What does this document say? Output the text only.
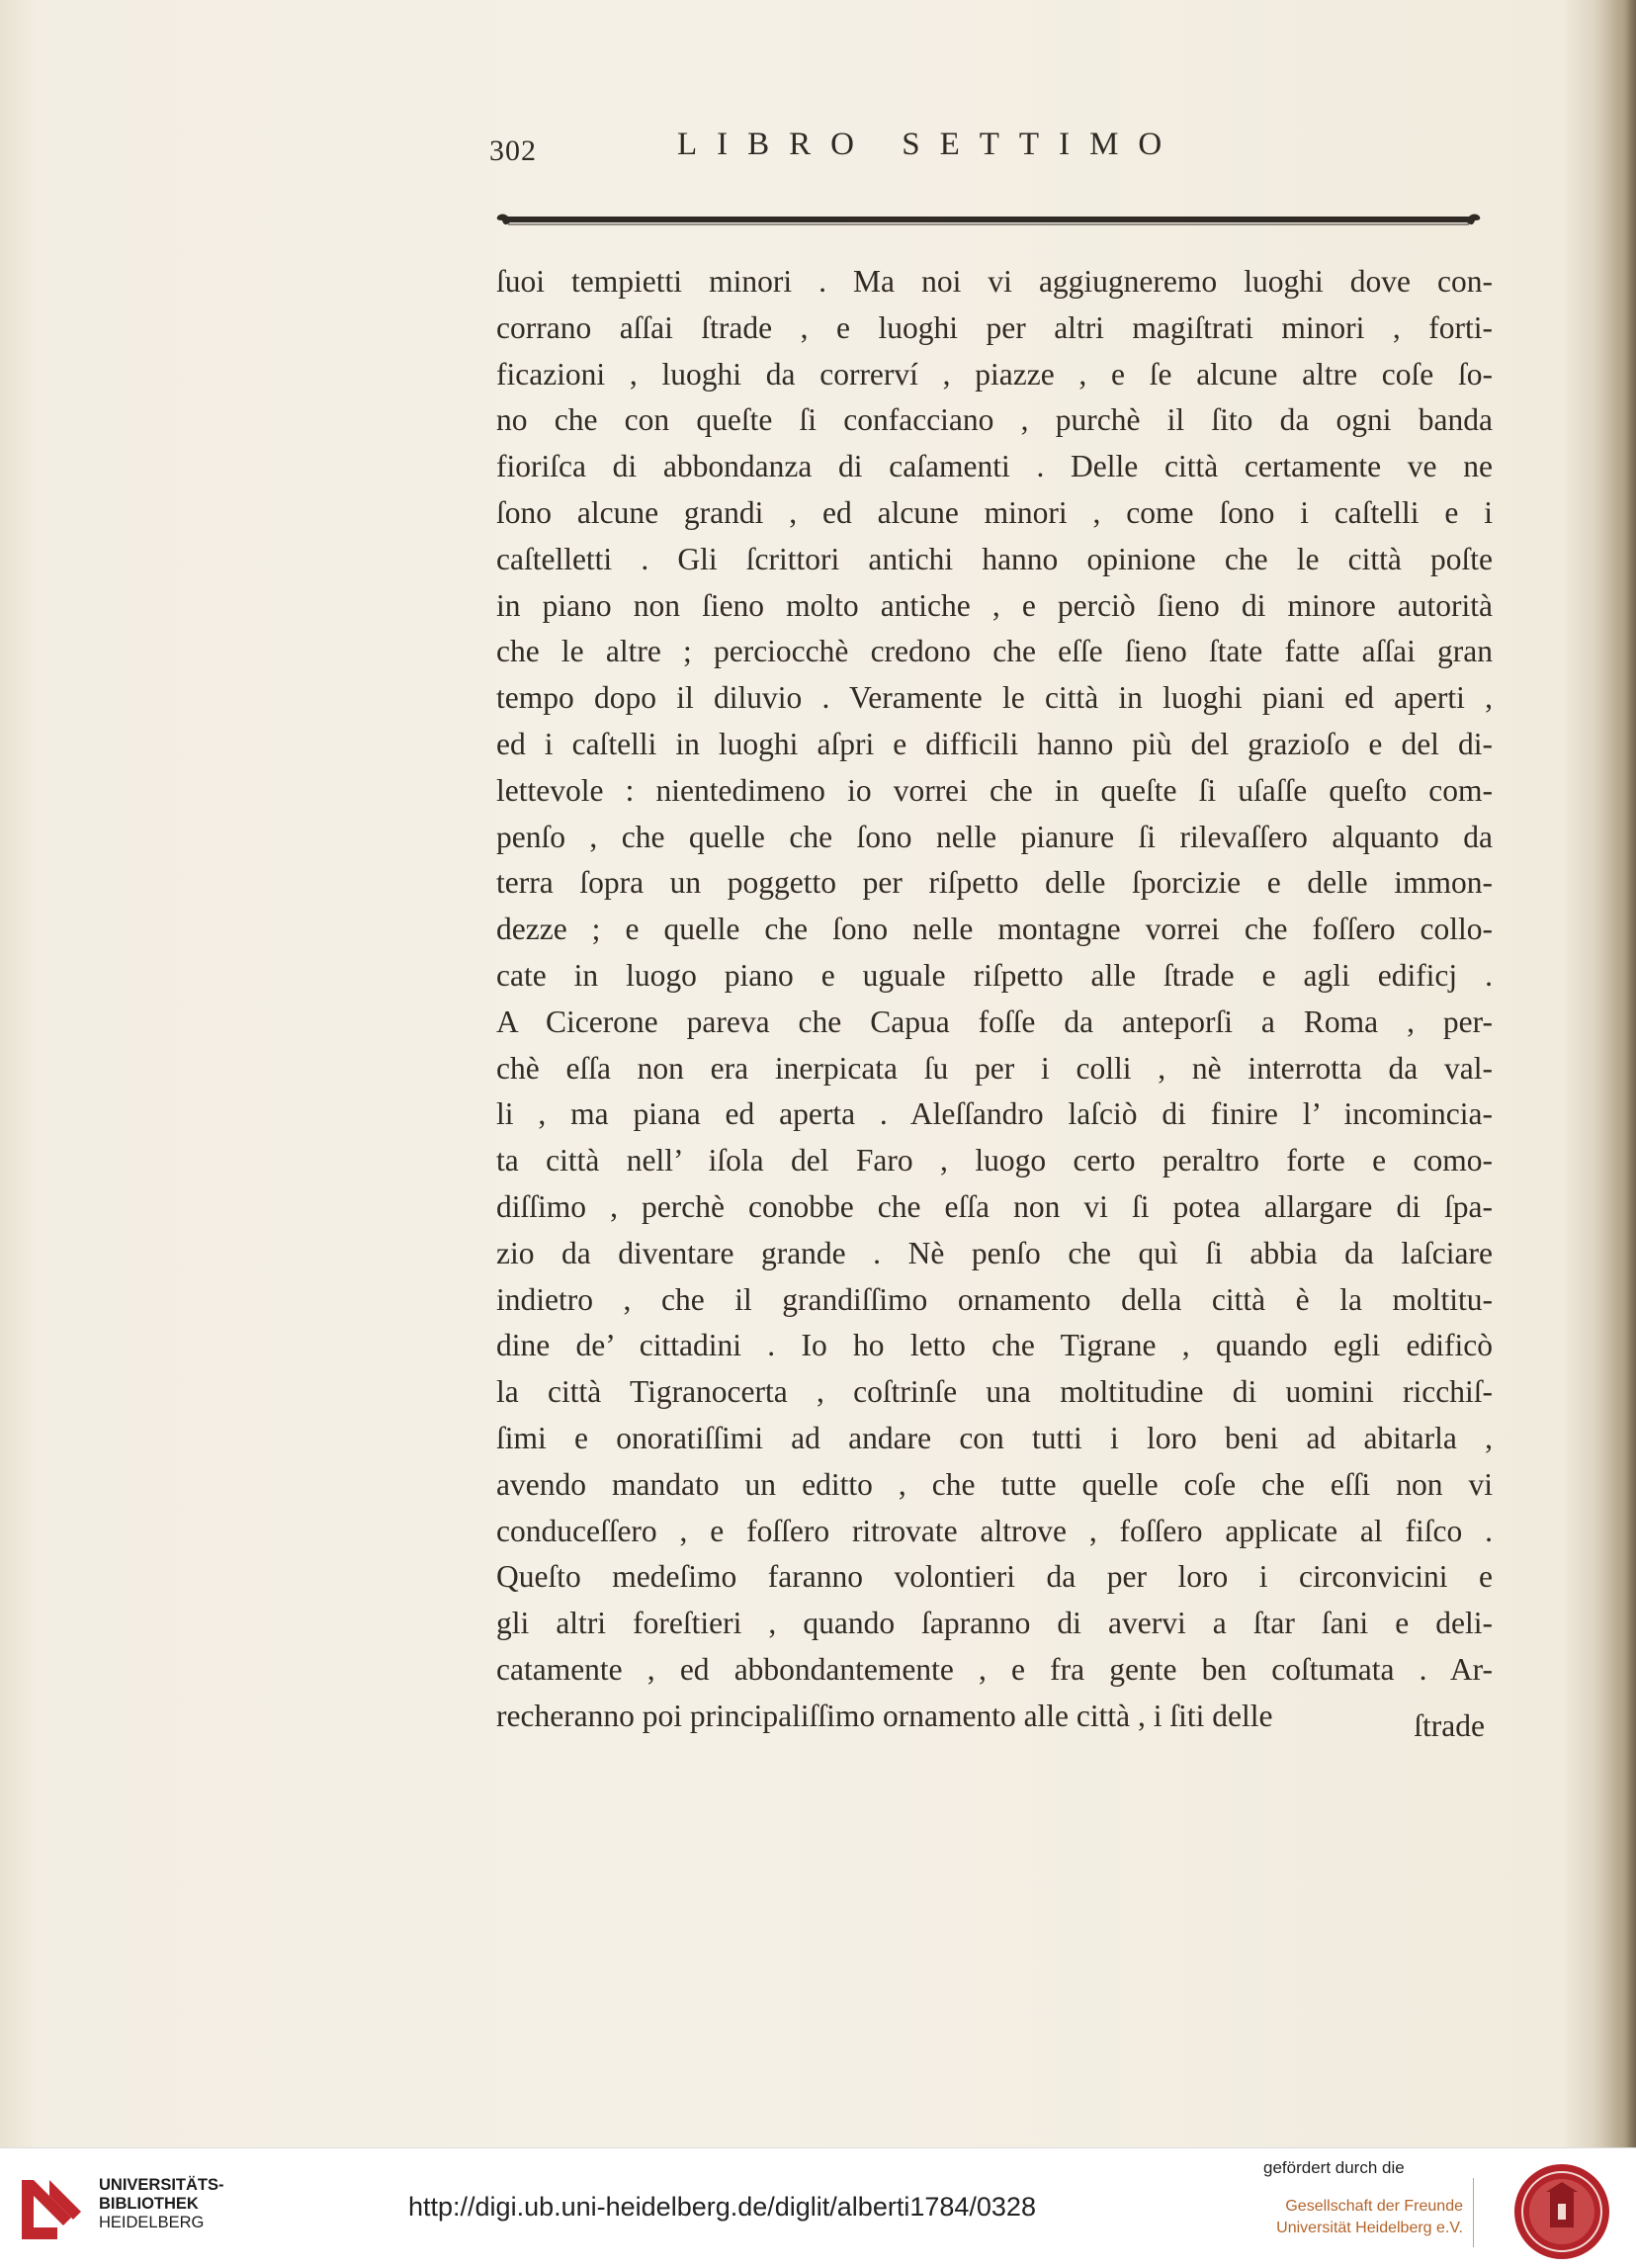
302	LIBRO SETTIMO
ſuoi tempietti minori . Ma noi vi aggiugneremo luoghi dove con-
corrano aſſai ſtrade , e luoghi per altri magiſtrati minori , forti-
ficazioni , luoghi da correrví , piazze , e ſe alcune altre coſe ſo-
no che con queſte ſi confacciano , purchè il ſito da ogni banda
fioriſca di abbondanza di caſamenti . Delle città certamente ve ne
ſono alcune grandi , ed alcune minori , come ſono i caſtelli e i
caſtelletti . Gli ſcrittori antichi hanno opinione che le città poſte
in piano non ſieno molto antiche , e perciò ſieno di minore autorità
che le altre ; perciocchè credono che eſſe ſieno ſtate fatte aſſai gran
tempo dopo il diluvio . Veramente le città in luoghi piani ed aperti ,
ed i caſtelli in luoghi aſpri e difficili hanno più del grazioſo e del di-
lettevole : nientedimeno io vorrei che in queſte ſi uſaſſe queſto com-
penſo , che quelle che ſono nelle pianure ſi rilevaſſero alquanto da
terra ſopra un poggetto per riſpetto delle ſporcizie e delle immon-
dezze ; e quelle che ſono nelle montagne vorrei che foſſero collo-
cate in luogo piano e uguale riſpetto alle ſtrade e agli edificj .
A Cicerone pareva che Capua foſſe da anteporſi a Roma , per-
chè eſſa non era inerpicata ſu per i colli , nè interrotta da val-
li , ma piana ed aperta . Aleſſandro laſciò di finire l’ incomincia-
ta città nell’ iſola del Faro , luogo certo peraltro forte e como-
diſſimo , perchè conobbe che eſſa non vi ſi potea allargare di ſpa-
zio da diventare grande . Nè penſo che quì ſi abbia da laſciare
indietro , che il grandiſſimo ornamento della città è la moltitu-
dine de’ cittadini . Io ho letto che Tigrane , quando egli edificò
la città Tigranocerta , coſtrinſe una moltitudine di uomini ricchiſ-
ſimi e onoratiſſimi ad andare con tutti i loro beni ad abitarla ,
avendo mandato un editto , che tutte quelle coſe che eſſi non vi
conduceſſero , e foſſero ritrovate altrove , foſſero applicate al fiſco .
Queſto medeſimo faranno volontieri da per loro i circonvicini e
gli altri foreſtieri , quando ſapranno di avervi a ſtar ſani e deli-
catamente , ed abbondantemente , e fra gente ben coſtumata . Ar-
recheranno poi principaliſſimo ornamento alle città , i ſiti delle	ſtrade
UNIVERSITÄTS-
BIBLIOTHEK
HEIDELBERG
http://digi.ub.uni-heidelberg.de/diglit/alberti1784/0328
gefördert durch die
Gesellschaft der Freunde
Universität Heidelberg e.V.
